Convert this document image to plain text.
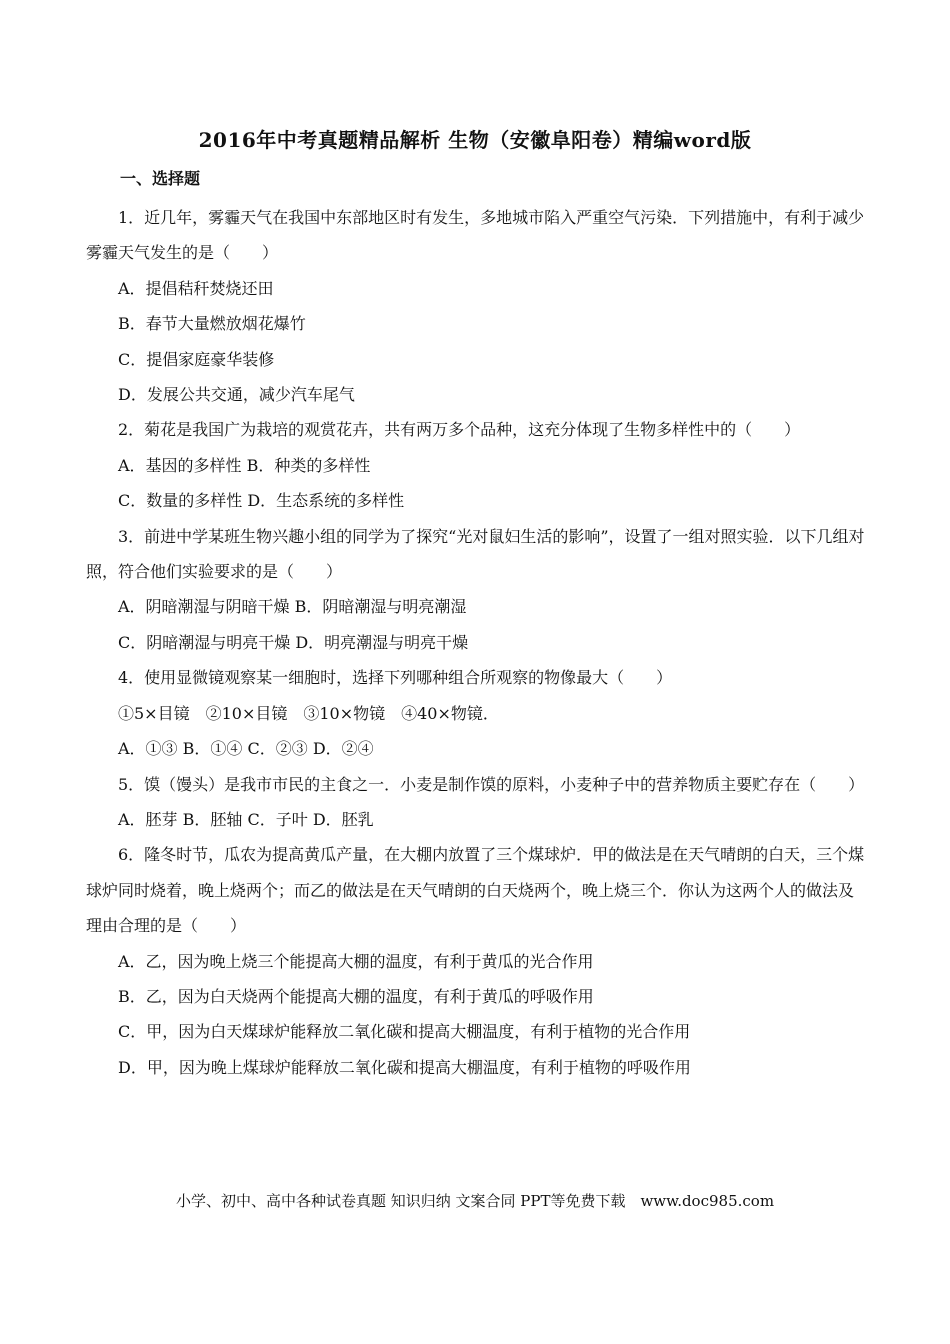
2016年中考真题精品解析 生物（安徽阜阳卷）精编word版
一、选择题

1．近几年，雾霾天气在我国中东部地区时有发生，多地城市陷入严重空气污染．下列措施中，有利于减少雾霾天气发生的是（　　）

A．提倡秸秆焚烧还田

B．春节大量燃放烟花爆竹

C．提倡家庭豪华装修

D．发展公共交通，减少汽车尾气

2．菊花是我国广为栽培的观赏花卉，共有两万多个品种，这充分体现了生物多样性中的（　　）

A．基因的多样性 B．种类的多样性

C．数量的多样性 D．生态系统的多样性

3．前进中学某班生物兴趣小组的同学为了探究“光对鼠妇生活的影响”，设置了一组对照实验．以下几组对照，符合他们实验要求的是（　　）

A．阴暗潮湿与阴暗干燥 B．阴暗潮湿与明亮潮湿

C．阴暗潮湿与明亮干燥 D．明亮潮湿与明亮干燥

4．使用显微镜观察某一细胞时，选择下列哪种组合所观察的物像最大（　　）

①5×目镜　②10×目镜　③10×物镜　④40×物镜．

A．①③ B．①④ C．②③ D．②④

5．馍（馒头）是我市市民的主食之一．小麦是制作馍的原料，小麦种子中的营养物质主要贮存在（　　）

A．胚芽 B．胚轴 C．子叶 D．胚乳

6．隆冬时节，瓜农为提高黄瓜产量，在大棚内放置了三个煤球炉．甲的做法是在天气晴朗的白天，三个煤球炉同时烧着，晚上烧两个；而乙的做法是在天气晴朗的白天烧两个，晚上烧三个．你认为这两个人的做法及理由合理的是（　　）

A．乙，因为晚上烧三个能提高大棚的温度，有利于黄瓜的光合作用

B．乙，因为白天烧两个能提高大棚的温度，有利于黄瓜的呼吸作用

C．甲，因为白天煤球炉能释放二氧化碳和提高大棚温度，有利于植物的光合作用

D．甲，因为晚上煤球炉能释放二氧化碳和提高大棚温度，有利于植物的呼吸作用

小学、初中、高中各种试卷真题 知识归纳 文案合同 PPT等免费下载　www.doc985.com
